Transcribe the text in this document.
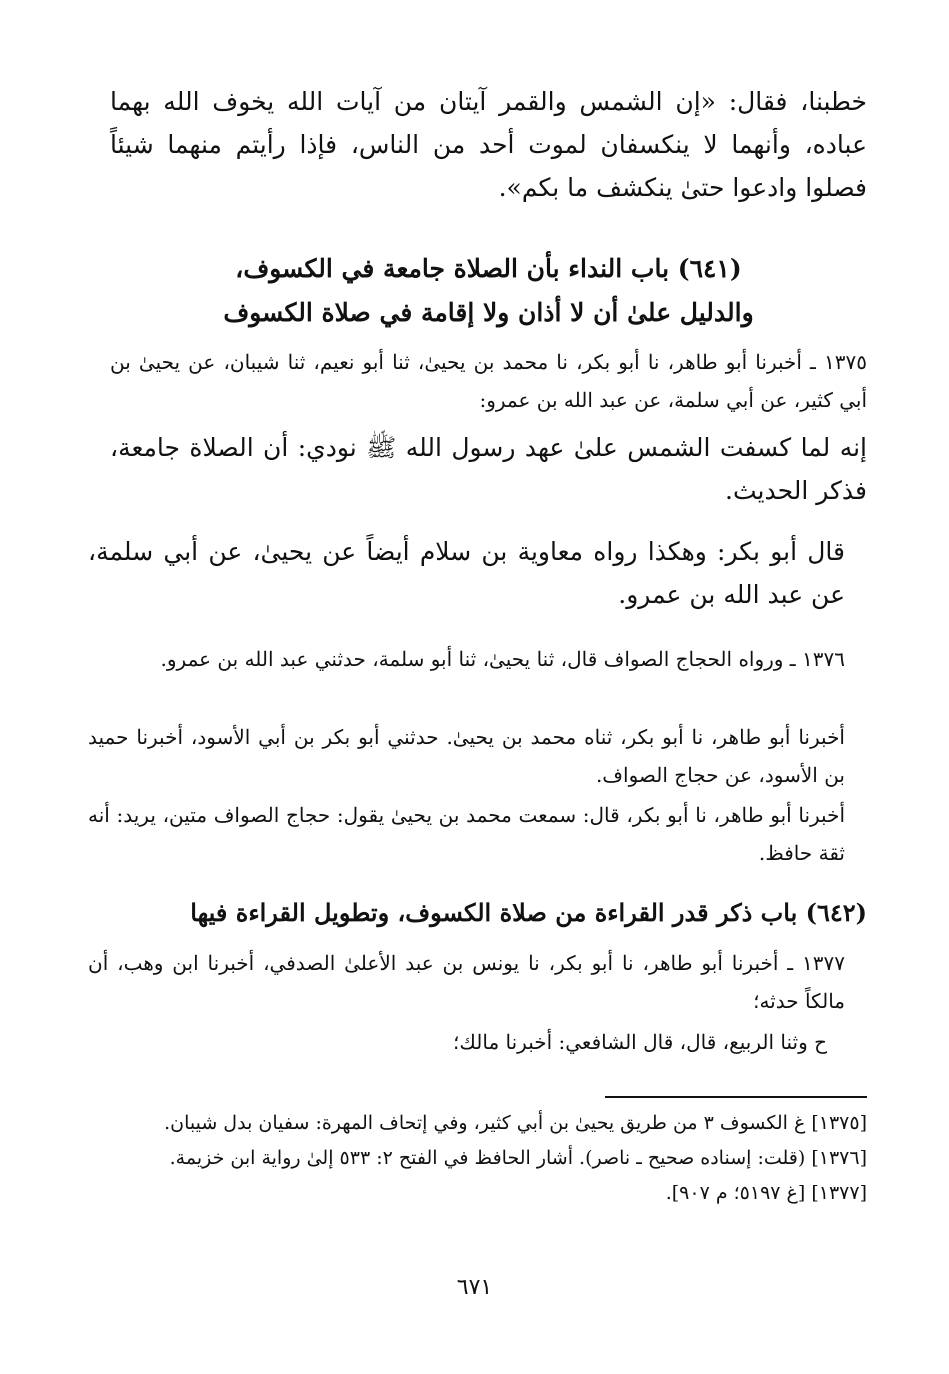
خطبنا، فقال: «إن الشمس والقمر آيتان من آيات الله يخوف الله بهما عباده، وأنهما لا ينكسفان لموت أحد من الناس، فإذا رأيتم منهما شيئاً فصلوا وادعوا حتىٰ ينكشف ما بكم».

(٦٤١) باب النداء بأن الصلاة جامعة في الكسوف،

والدليل علىٰ أن لا أذان ولا إقامة في صلاة الكسوف

١٣٧٥ ـ أخبرنا أبو طاهر، نا أبو بكر، نا محمد بن يحيىٰ، ثنا أبو نعيم، ثنا شيبان، عن يحيىٰ بن أبي كثير، عن أبي سلمة، عن عبد الله بن عمرو:

إنه لما كسفت الشمس علىٰ عهد رسول الله ﷺ نودي: أن الصلاة جامعة، فذكر الحديث.

قال أبو بكر: وهكذا رواه معاوية بن سلام أيضاً عن يحيىٰ، عن أبي سلمة، عن عبد الله بن عمرو.

١٣٧٦ ـ ورواه الحجاج الصواف قال، ثنا يحيىٰ، ثنا أبو سلمة، حدثني عبد الله بن عمرو.

أخبرنا أبو طاهر، نا أبو بكر، ثناه محمد بن يحيىٰ. حدثني أبو بكر بن أبي الأسود، أخبرنا حميد بن الأسود، عن حجاج الصواف.

أخبرنا أبو طاهر، نا أبو بكر، قال: سمعت محمد بن يحيىٰ يقول: حجاج الصواف متين، يريد: أنه ثقة حافظ.

(٦٤٢) باب ذكر قدر القراءة من صلاة الكسوف، وتطويل القراءة فيها

١٣٧٧ ـ أخبرنا أبو طاهر، نا أبو بكر، نا يونس بن عبد الأعلىٰ الصدفي، أخبرنا ابن وهب، أن مالكاً حدثه؛

ح وثنا الربيع، قال، قال الشافعي: أخبرنا مالك؛

[١٣٧٥] غ الكسوف ٣ من طريق يحيىٰ بن أبي كثير، وفي إتحاف المهرة: سفيان بدل شيبان.

[١٣٧٦] (قلت: إسناده صحيح ـ ناصر). أشار الحافظ في الفتح ٢: ٥٣٣ إلىٰ رواية ابن خزيمة.

[١٣٧٧] [غ ٥١٩٧؛ م ٩٠٧].

٦٧١
